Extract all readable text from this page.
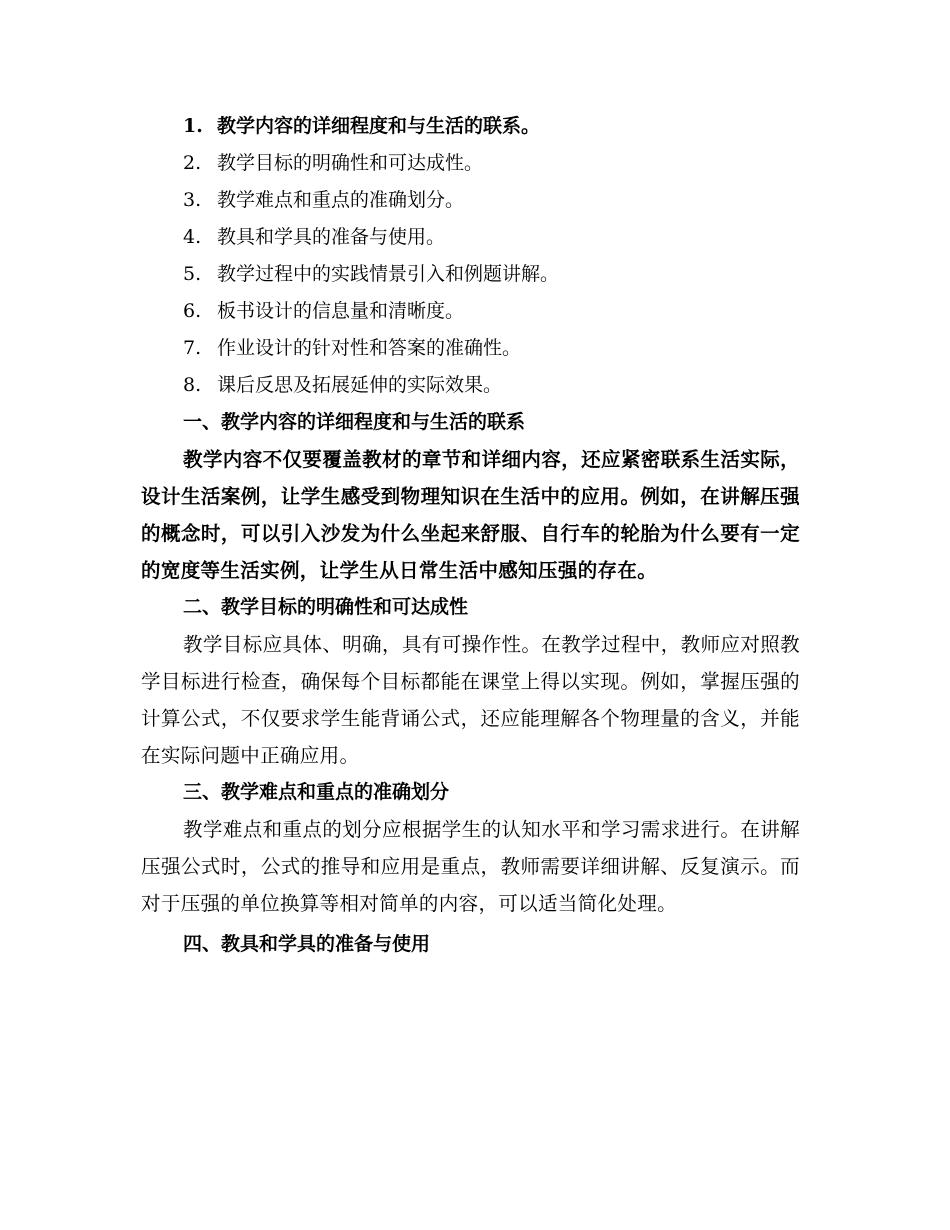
1. 教学内容的详细程度和与生活的联系。
2. 教学目标的明确性和可达成性。
3. 教学难点和重点的准确划分。
4. 教具和学具的准备与使用。
5. 教学过程中的实践情景引入和例题讲解。
6. 板书设计的信息量和清晰度。
7. 作业设计的针对性和答案的准确性。
8. 课后反思及拓展延伸的实际效果。
一、教学内容的详细程度和与生活的联系

教学内容不仅要覆盖教材的章节和详细内容，还应紧密联系生活实际，设计生活案例，让学生感受到物理知识在生活中的应用。例如，在讲解压强的概念时，可以引入沙发为什么坐起来舒服、自行车的轮胎为什么要有一定的宽度等生活实例，让学生从日常生活中感知压强的存在。

二、教学目标的明确性和可达成性

教学目标应具体、明确，具有可操作性。在教学过程中，教师应对照教学目标进行检查，确保每个目标都能在课堂上得以实现。例如，掌握压强的计算公式，不仅要求学生能背诵公式，还应能理解各个物理量的含义，并能在实际问题中正确应用。

三、教学难点和重点的准确划分

教学难点和重点的划分应根据学生的认知水平和学习需求进行。在讲解压强公式时，公式的推导和应用是重点，教师需要详细讲解、反复演示。而对于压强的单位换算等相对简单的内容，可以适当简化处理。

四、教具和学具的准备与使用
